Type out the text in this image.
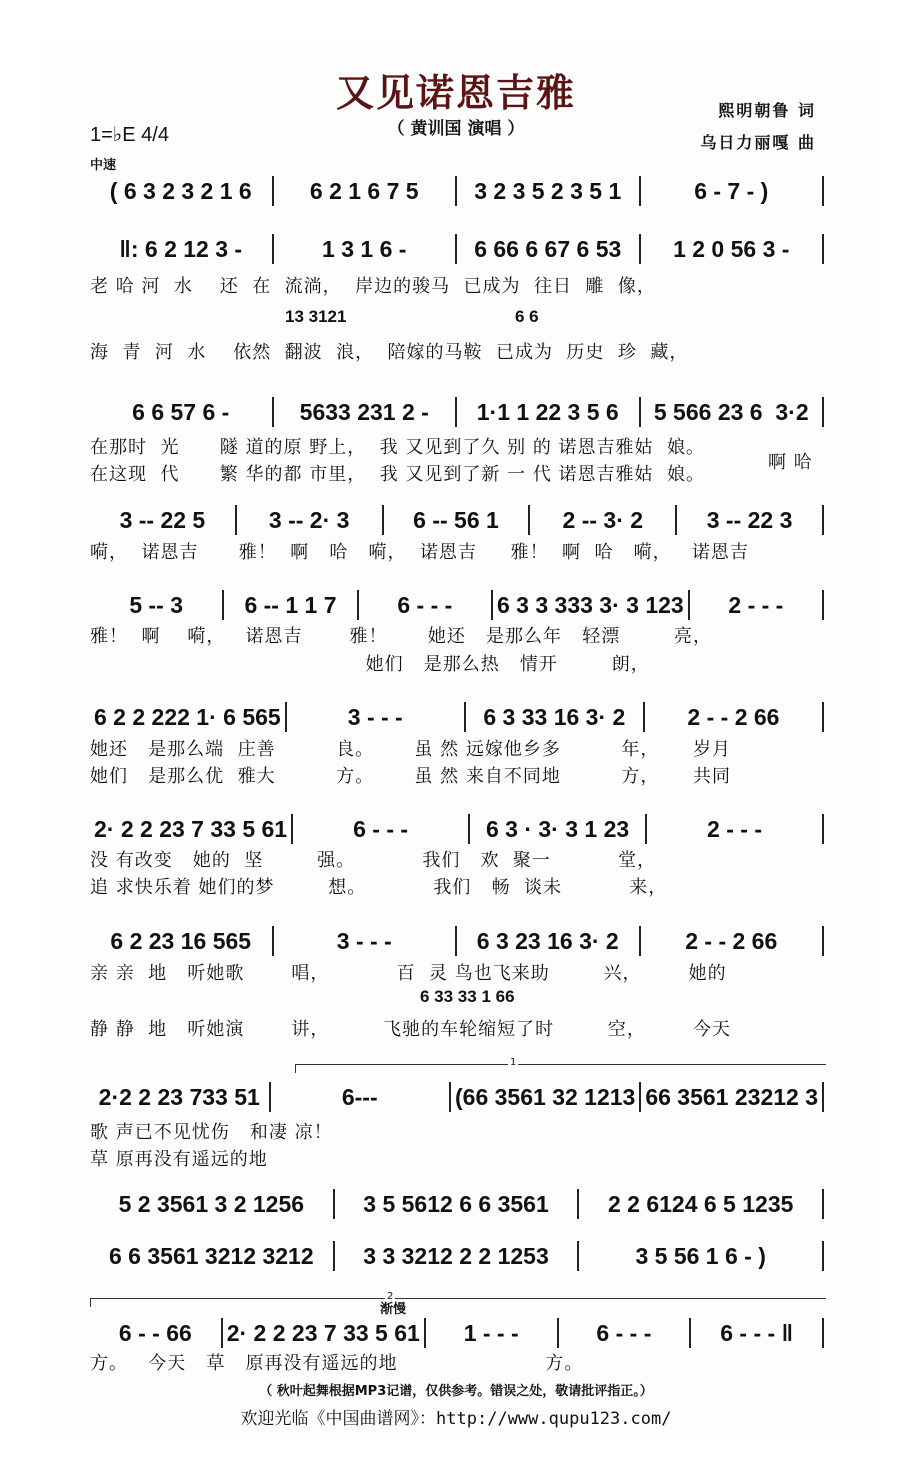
又见诺恩吉雅
（ 黄训国 演唱 ）
熙明朝鲁 词
乌日力丽嘎 曲
1=♭E 4/4
中速
( 6 3 2 3 2 1 6	6 2 1 6 7 5	3 2 3 5 2 3 5 1	6 - 7 - )
‖: 6 2 12 3 -	1 3 1 6 -	6 66 6 67 6 53	1 2 0 56 3 -
老 哈 河  水    还  在  流淌，  岸边的骏马  已成为  往日  雕  像，
海  青  河  水    依然  翻波  浪，  陪嫁的马鞍  已成为  历史  珍  藏，
13 3121	6 6
6 6 57 6 -	5633 231 2 -	1·1 1 22 3 5 6	5 566 23 6  3·2
在那时  光      隧 道的原 野上，  我 又见到了久 别 的 诺恩吉雅姑  娘。
在这现  代      繁 华的都 市里，  我 又见到了新 一 代 诺恩吉雅姑  娘。
啊 哈
3 -- 22 5	3 -- 2· 3	6 -- 56 1	2 -- 3· 2	3 -- 22 3
嗬，  诺恩吉      雅！  啊   哈   嗬，  诺恩吉     雅！  啊  哈   嗬，   诺恩吉
5 -- 3	6 -- 1 1 7	6 - - -	6 3 3 333 3· 3 123	2 - - -
雅！  啊    嗬，   诺恩吉       雅！      她还   是那么年   轻漂        亮，
她们   是那么热   情开        朗，
6 2 2 222 1· 6 565	3 - - -	6 3 33 16 3· 2	2 - - 2 66
她还   是那么端  庄善         良。      虽 然 远嫁他乡多         年，     岁月
她们   是那么优  雅大         方。      虽 然 来自不同地         方，     共同
2· 2 2 23 7 33 5 61	6 - - -	6 3 · 3· 3 1 23	2 - - -
没 有改变   她的  坚        强。          我们   欢  聚一          堂，
追 求快乐着 她们的梦        想。          我们   畅  谈未          来，
6 2 23 16 565	3 - - -	6 3 23 16 3· 2	2 - - 2 66
亲 亲  地   听她歌       唱，          百  灵 鸟也飞来助        兴，       她的
静 静  地   听她演       讲，        飞驰的车轮缩短了时        空，       今天
6 33 33 1 66
2·2 2 23 733 51	6---	(66 3561 32 1213 66 3561 23212 3
歌 声已不见忧伤   和凄 凉！
草 原再没有遥远的地
1
5 2 3561 3 2 1256	3 5 5612 6 6 3561	2 2 6124 6 5 1235
6 6 3561 3212 3212	3 3 3212 2 2 1253	3 5 56 1 6 - )
6 - - 66	2· 2 2 23 7 33 5 61	1 - - -	6 - - -	6 - - - ‖
方。   今天   草   原再没有遥远的地                      方。
2
渐慢
（ 秋叶起舞根据MP3记谱，仅供参考。错误之处，敬请批评指正。）
欢迎光临《中国曲谱网》：http://www.qupu123.com/
